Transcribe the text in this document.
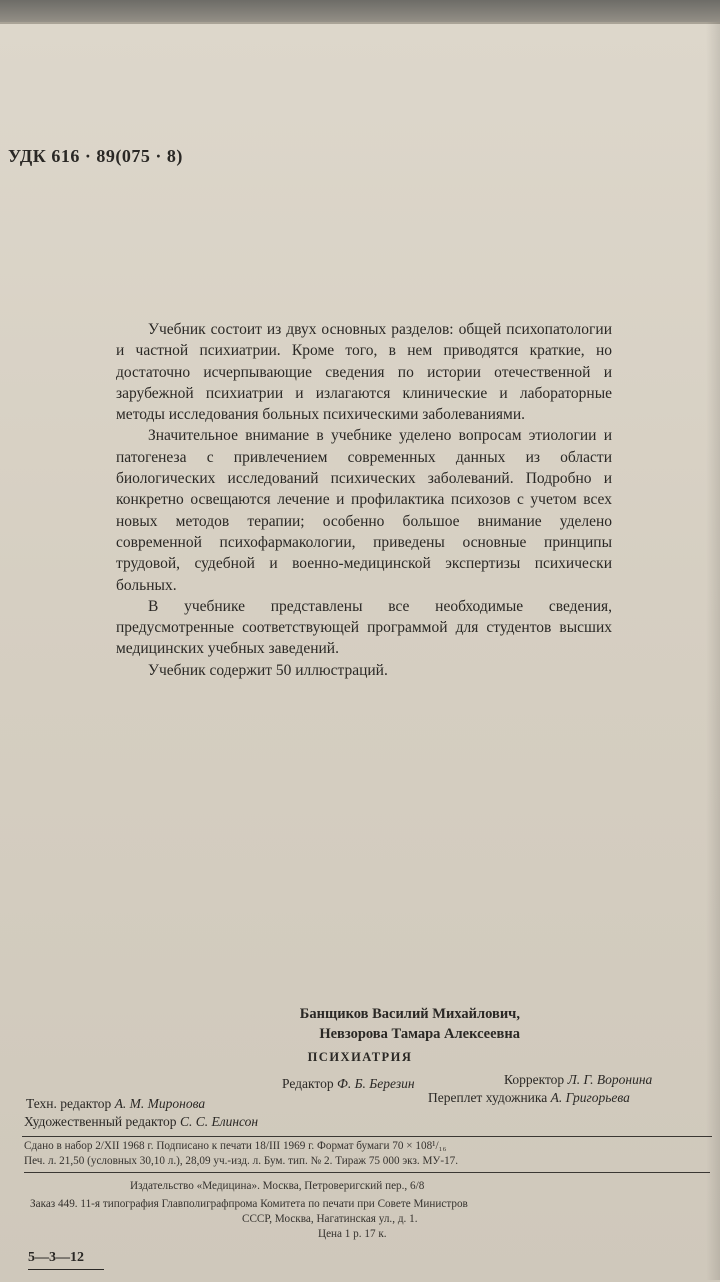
УДК 616 · 89(075 · 8)

Учебник состоит из двух основных разделов: общей психопатологии и частной психиатрии. Кроме того, в нем приводятся краткие, но достаточно исчерпывающие сведения по истории отечественной и зарубежной психиатрии и излагаются клинические и лабораторные методы исследования больных психическими заболеваниями.

Значительное внимание в учебнике уделено вопросам этиологии и патогенеза с привлечением современных данных из области биологических исследований психических заболеваний. Подробно и конкретно освещаются лечение и профилактика психозов с учетом всех новых методов терапии; особенно большое внимание уделено современной психофармакологии, приведены основные принципы трудовой, судебной и военно-медицинской экспертизы психически больных.

В учебнике представлены все необходимые сведения, предусмотренные соответствующей программой для студентов высших медицинских учебных заведений.

Учебник содержит 50 иллюстраций.

Банщиков Василий Михайлович,
Невзорова Тамара Алексеевна
ПСИХИАТРИЯ
Редактор Ф. Б. Березин	Корректор Л. Г. Воронина
Техн. редактор А. М. Миронова	Переплет художника А. Григорьева
Художественный редактор С. С. Елинсон
Сдано в набор 2/XII 1968 г. Подписано к печати 18/III 1969 г. Формат бумаги 70 × 108¹/₁₆
Печ. л. 21,50 (условных 30,10 л.), 28,09 уч.-изд. л. Бум. тип. № 2. Тираж 75 000 экз. МУ-17.
Издательство «Медицина». Москва, Петроверигский пер., 6/8
Заказ 449. 11-я типография Главполиграфпрома Комитета по печати при Совете Министров
СССР, Москва, Нагатинская ул., д. 1.
Цена 1 р. 17 к.
5—3—12
